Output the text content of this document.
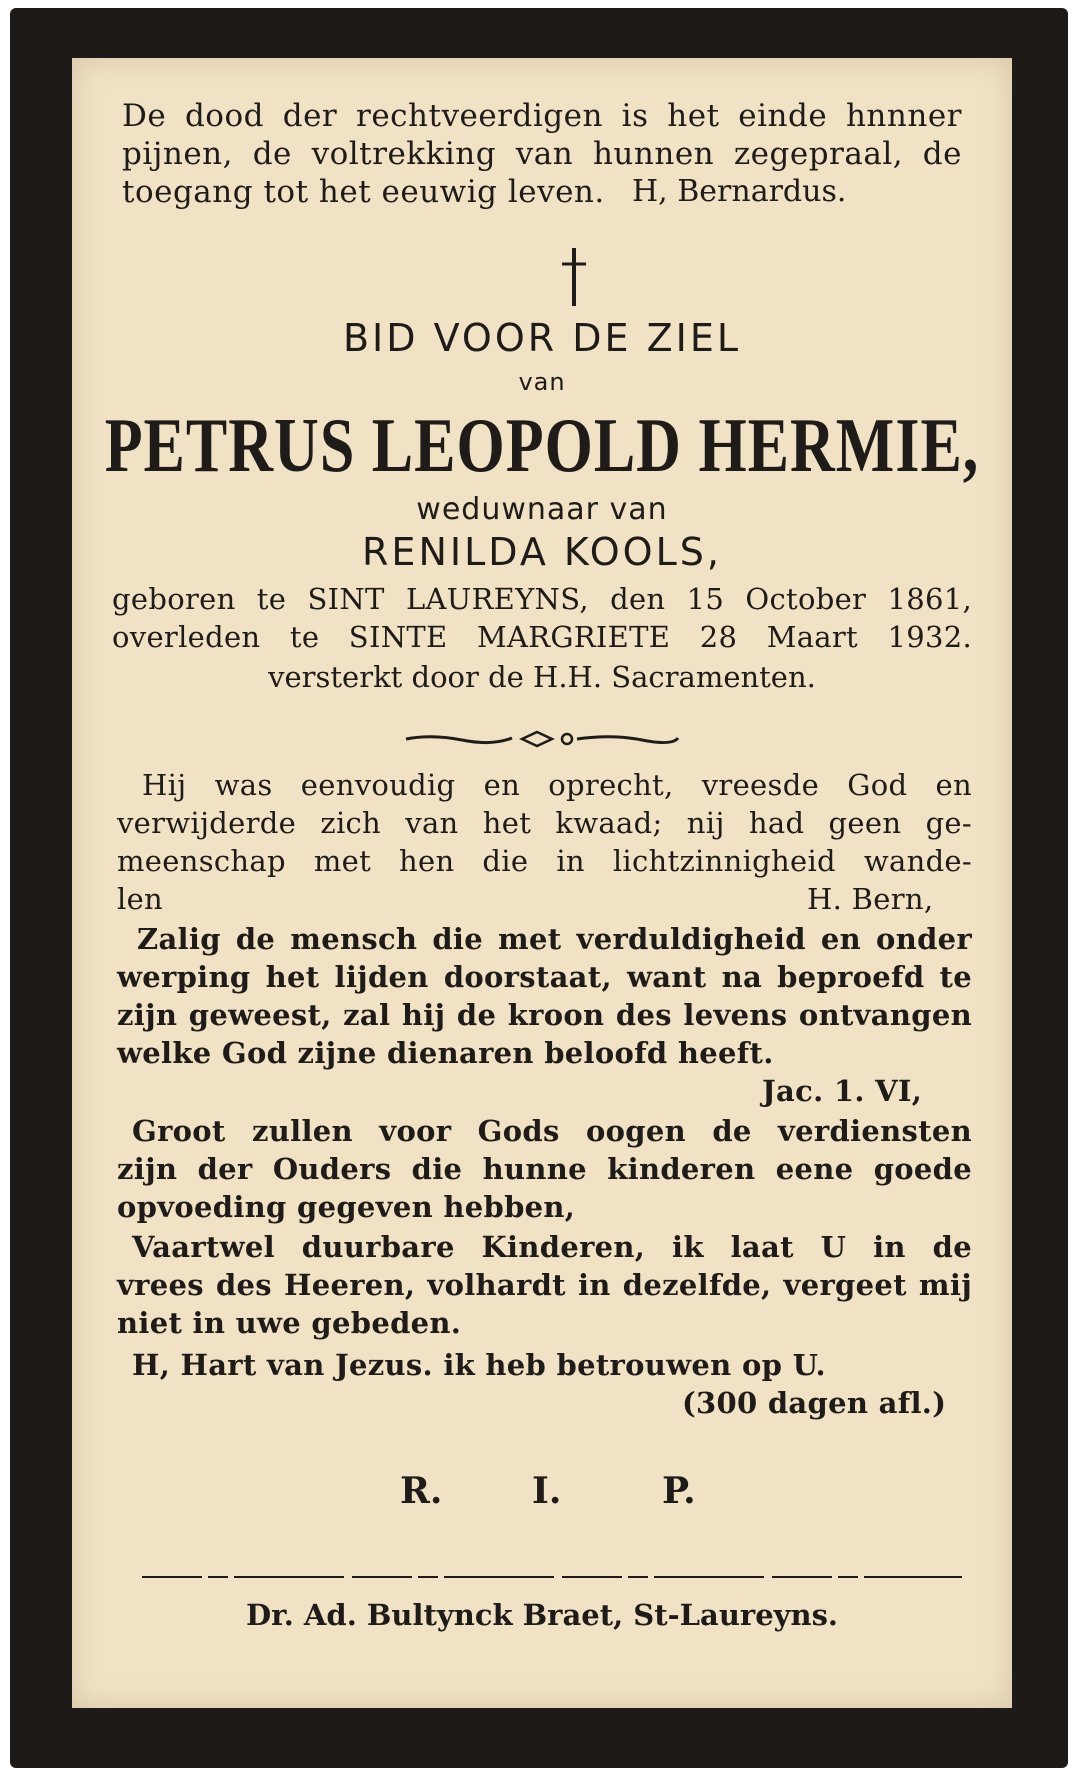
De dood der rechtveerdigen is het einde hnnner

pijnen, de voltrekking van hunnen zegepraal, de

toegang tot het eeuwig leven. H, Bernardus.

BID VOOR DE ZIEL

van

PETRUS LEOPOLD HERMIE,

weduwnaar van

RENILDA KOOLS,

geboren te SINT LAUREYNS, den 15 October 1861,

overleden te SINTE MARGRIETE 28 Maart 1932.

versterkt door de H.H. Sacramenten.

Hij was eenvoudig en oprecht, vreesde God en

verwijderde zich van het kwaad; nij had geen ge-

meenschap met hen die in lichtzinnigheid wande-

len	H. Bern,

Zalig de mensch die met verduldigheid en onder

werping het lijden doorstaat, want na beproefd te

zijn geweest, zal hij de kroon des levens ontvangen

welke God zijne dienaren beloofd heeft.

Jac. 1. VI,

Groot zullen voor Gods oogen de verdiensten

zijn der Ouders die hunne kinderen eene goede

opvoeding gegeven hebben,

Vaartwel duurbare Kinderen, ik laat U in de

vrees des Heeren, volhardt in dezelfde, vergeet mij

niet in uwe gebeden.

H, Hart van Jezus. ik heb betrouwen op U.

(300 dagen afl.)

R. I.	P.

Dr. Ad. Bultynck Braet, St-Laureyns.
